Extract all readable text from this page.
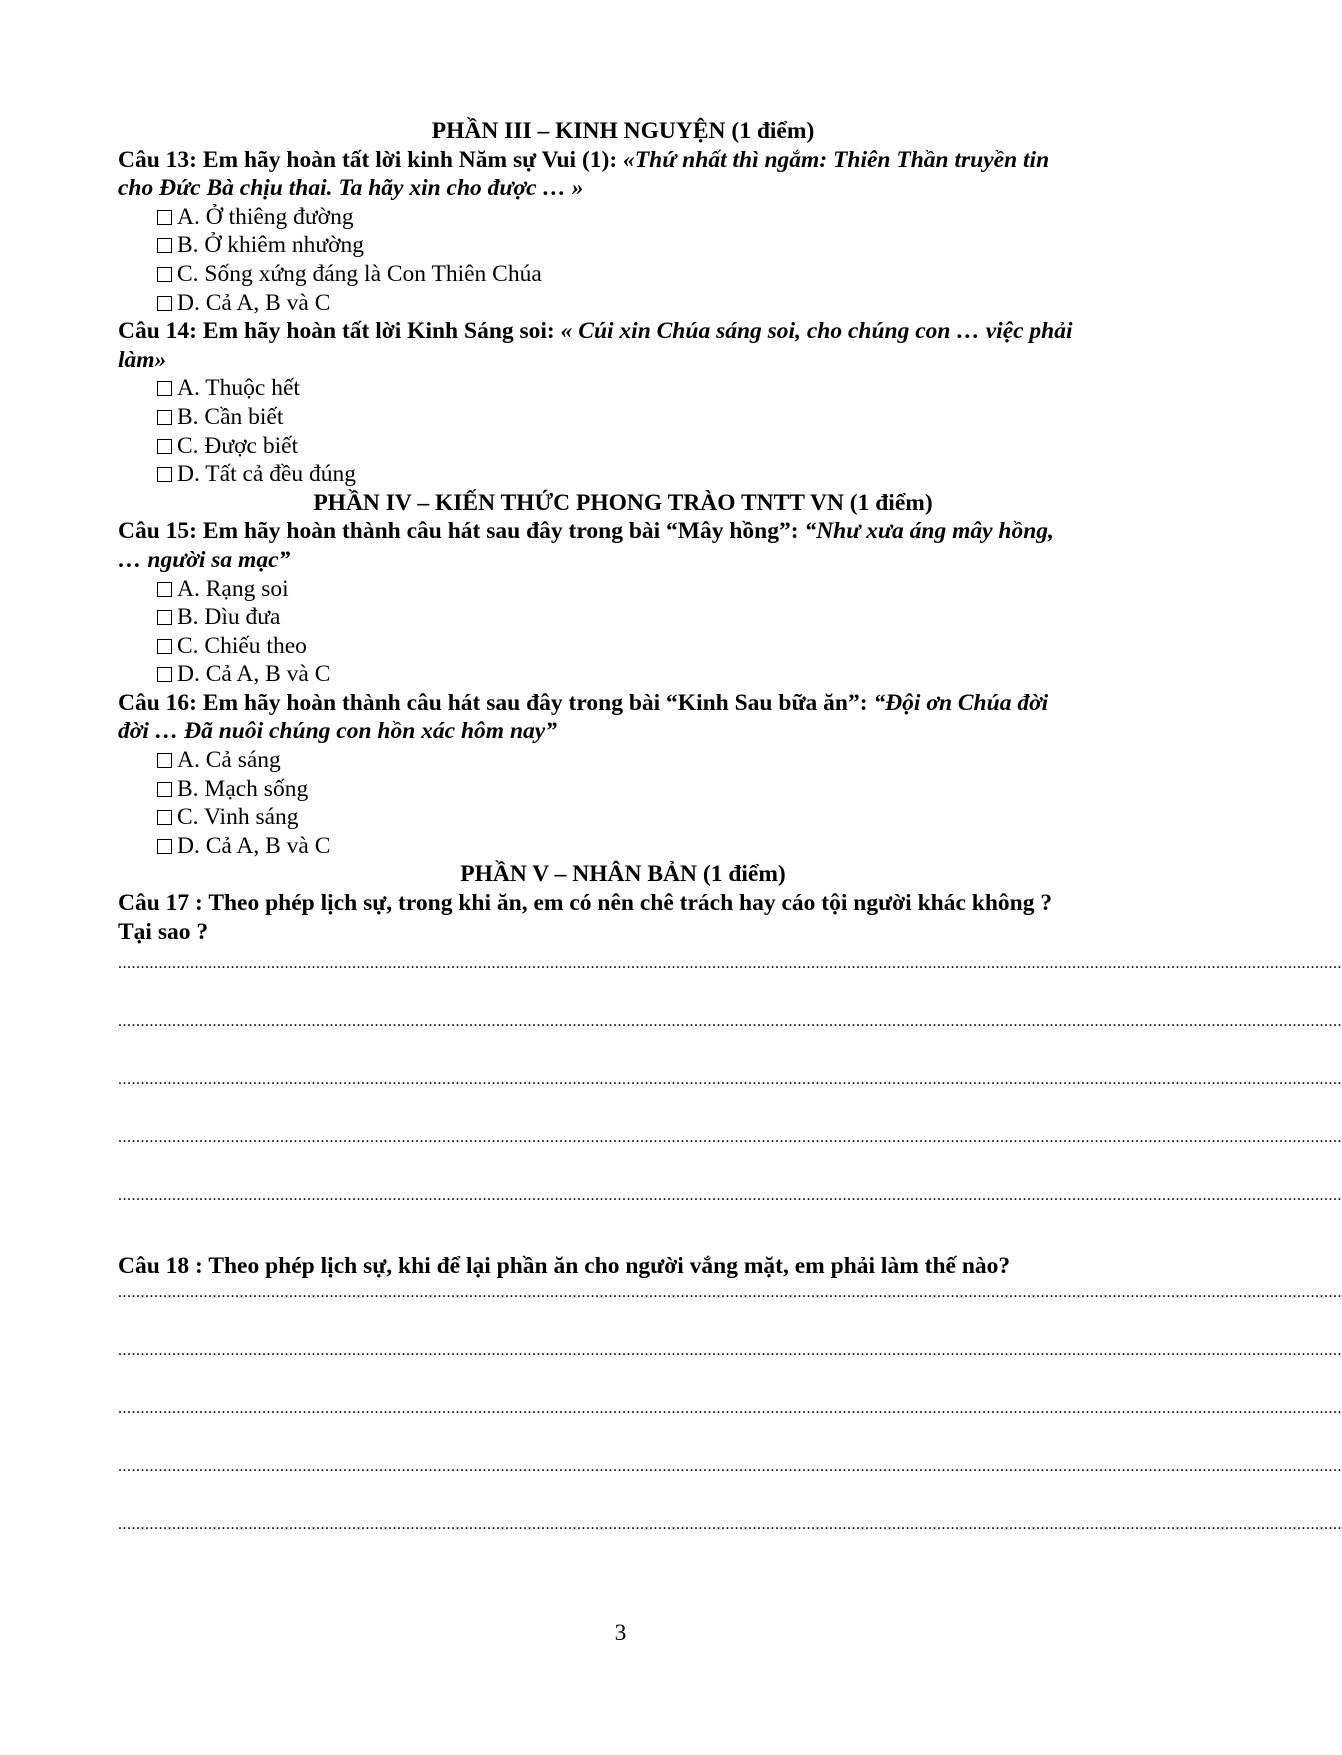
PHẦN III – KINH NGUYỆN (1 điểm)
Câu 13: Em hãy hoàn tất lời kinh Năm sự Vui (1): «Thứ nhất thì ngắm: Thiên Thần truyền tin
cho Đức Bà chịu thai. Ta hãy xin cho được … »
A. Ở thiêng đường
B. Ở khiêm nhường
C. Sống xứng đáng là Con Thiên Chúa
D. Cả A, B và C
Câu 14: Em hãy hoàn tất lời Kinh Sáng soi: « Cúi xin Chúa sáng soi, cho chúng con … việc phải
làm»
A. Thuộc hết
B. Cần biết
C. Được biết
D. Tất cả đều đúng
PHẦN IV – KIẾN THỨC PHONG TRÀO TNTT VN (1 điểm)
Câu 15: Em hãy hoàn thành câu hát sau đây trong bài “Mây hồng”: “Như xưa áng mây hồng,
… người sa mạc”
A. Rạng soi
B. Dìu đưa
C. Chiếu theo
D. Cả A, B và C
Câu 16: Em hãy hoàn thành câu hát sau đây trong bài “Kinh Sau bữa ăn”: “Đội ơn Chúa đời
đời … Đã nuôi chúng con hồn xác hôm nay”
A. Cả sáng
B. Mạch sống
C. Vinh sáng
D. Cả A, B và C
PHẦN V – NHÂN BẢN (1 điểm)
Câu 17 : Theo phép lịch sự, trong khi ăn, em có nên chê trách hay cáo tội người khác không ?
Tại sao ?
................................................................................................................................................................................................................................................................................
................................................................................................................................................................................................................................................................................
................................................................................................................................................................................................................................................................................
................................................................................................................................................................................................................................................................................
................................................................................................................................................................................................................................................................................
Câu 18 : Theo phép lịch sự, khi để lại phần ăn cho người vắng mặt, em phải làm thế nào?
................................................................................................................................................................................................................................................................................
................................................................................................................................................................................................................................................................................
................................................................................................................................................................................................................................................................................
................................................................................................................................................................................................................................................................................
................................................................................................................................................................................................................................................................................
3
